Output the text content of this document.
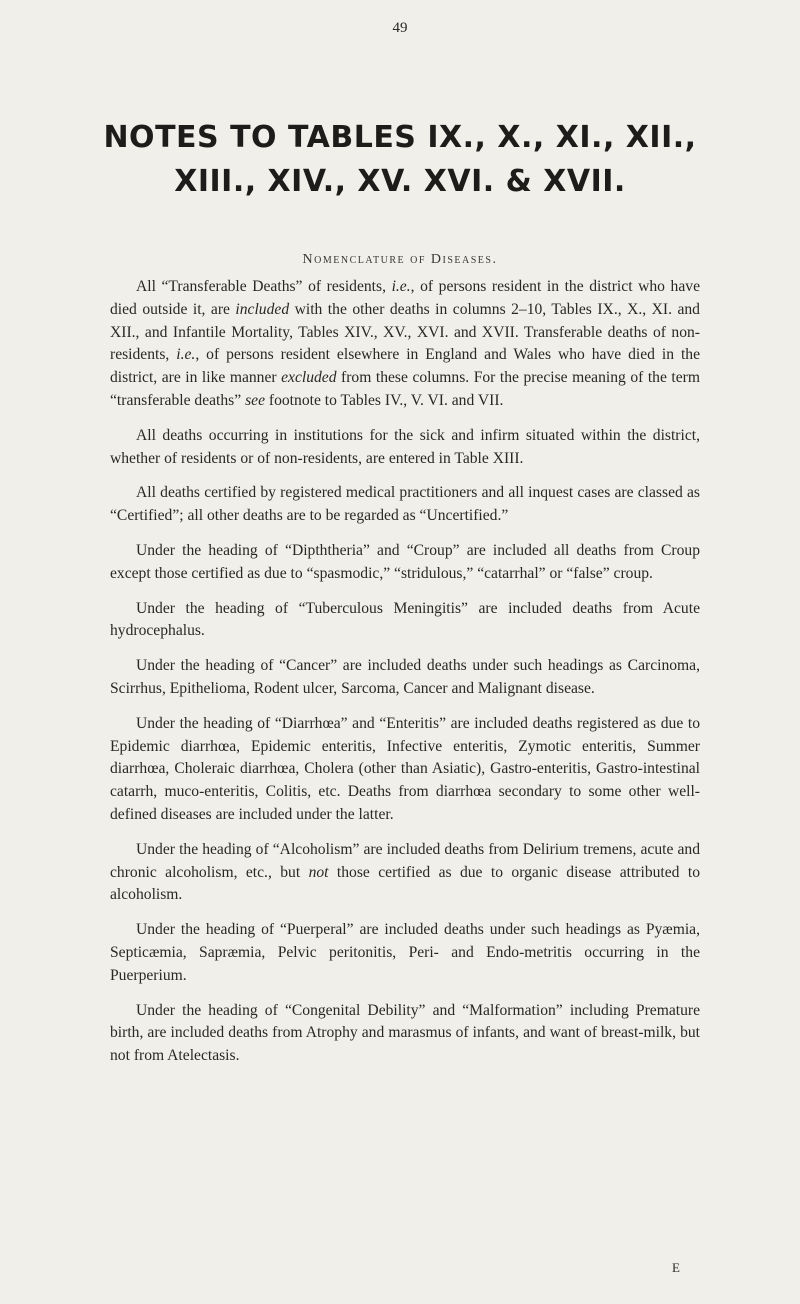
49
NOTES TO TABLES IX., X., XI., XII.,
XIII., XIV., XV. XVI. & XVII.
Nomenclature of Diseases.

All “Transferable Deaths” of residents, i.e., of persons resident in the district who have died outside it, are included with the other deaths in columns 2–10, Tables IX., X., XI. and XII., and Infantile Mortality, Tables XIV., XV., XVI. and XVII. Transferable deaths of non-residents, i.e., of persons resident elsewhere in England and Wales who have died in the district, are in like manner excluded from these columns. For the precise meaning of the term “transferable deaths” see footnote to Tables IV., V. VI. and VII.

All deaths occurring in institutions for the sick and infirm situated within the district, whether of residents or of non-residents, are entered in Table XIII.

All deaths certified by registered medical practitioners and all inquest cases are classed as “Certified”; all other deaths are to be regarded as “Uncertified.”

Under the heading of “Dipththeria” and “Croup” are included all deaths from Croup except those certified as due to “spasmodic,” “stridulous,” “catarrhal” or “false” croup.

Under the heading of “Tuberculous Meningitis” are included deaths from Acute hydrocephalus.

Under the heading of “Cancer” are included deaths under such headings as Carcinoma, Scirrhus, Epithelioma, Rodent ulcer, Sarcoma, Cancer and Malignant disease.

Under the heading of “Diarrhœa” and “Enteritis” are included deaths registered as due to Epidemic diarrhœa, Epidemic enteritis, Infective enteritis, Zymotic enteritis, Summer diarrhœa, Choleraic diarrhœa, Cholera (other than Asiatic), Gastro-enteritis, Gastro-intestinal catarrh, muco-enteritis, Colitis, etc. Deaths from diarrhœa secondary to some other well-defined diseases are included under the latter.

Under the heading of “Alcoholism” are included deaths from Delirium tremens, acute and chronic alcoholism, etc., but not those certified as due to organic disease attributed to alcoholism.

Under the heading of “Puerperal” are included deaths under such headings as Pyæmia, Septicæmia, Sapræmia, Pelvic peritonitis, Peri- and Endo-metritis occurring in the Puerperium.

Under the heading of “Congenital Debility” and “Malformation” including Premature birth, are included deaths from Atrophy and marasmus of infants, and want of breast-milk, but not from Atelectasis.

E
